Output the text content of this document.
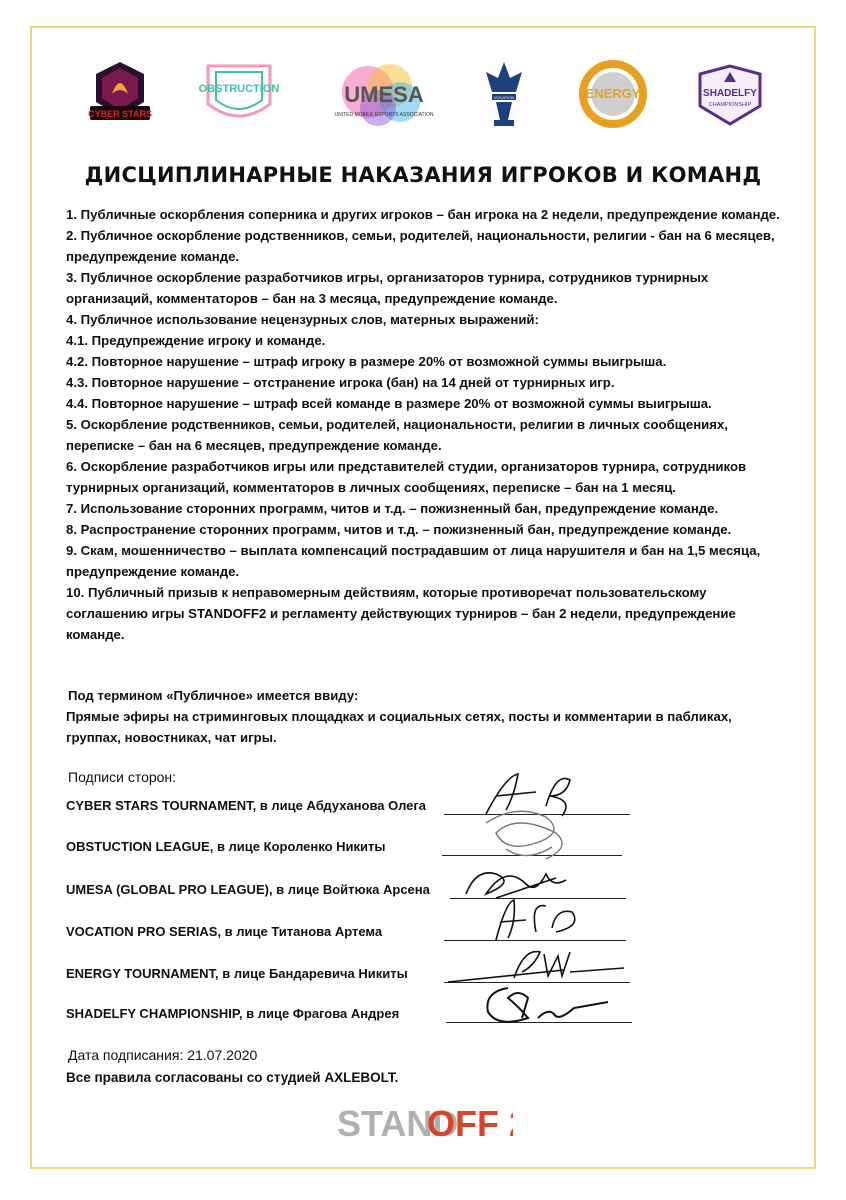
CYBER STARS
OBSTRUCTION	UMESA
UNITED MOBILE ESPORTS ASSOCIATION
VOCATION	ENERGY	SHADELFY
CHAMPIONSHIP
ДИСЦИПЛИНАРНЫЕ НАКАЗАНИЯ ИГРОКОВ И КОМАНД

1. Публичные оскорбления соперника и других игроков – бан игрока на 2 недели, предупреждение команде.

2. Публичное оскорбление родственников, семьи, родителей, национальности, религии - бан на 6 месяцев, предупреждение команде.

3. Публичное оскорбление разработчиков игры, организаторов турнира, сотрудников турнирных организаций, комментаторов – бан на 3 месяца, предупреждение команде.

4. Публичное использование нецензурных слов, матерных выражений:

4.1. Предупреждение игроку и команде.

4.2. Повторное нарушение – штраф игроку в размере 20% от возможной суммы выигрыша.

4.3. Повторное нарушение – отстранение игрока (бан) на 14 дней от турнирных игр.

4.4. Повторное нарушение – штраф всей команде в размере 20% от возможной суммы выигрыша.

5. Оскорбление родственников, семьи, родителей, национальности, религии в личных сообщениях, переписке – бан на 6 месяцев, предупреждение команде.

6. Оскорбление разработчиков игры или представителей студии, организаторов турнира, сотрудников турнирных организаций, комментаторов в личных сообщениях, переписке – бан на 1 месяц.

7. Использование сторонних программ, читов и т.д. – пожизненный бан, предупреждение команде.

8. Распространение сторонних программ, читов и т.д. – пожизненный бан, предупреждение команде.

9. Скам, мошенничество – выплата компенсаций пострадавшим от лица нарушителя и бан на 1,5 месяца, предупреждение команде.

10. Публичный призыв к неправомерным действиям, которые противоречат пользовательскому соглашению игры STANDOFF2 и регламенту действующих турниров – бан 2 недели, предупреждение команде.

Под термином «Публичное» имеется ввиду:
Прямые эфиры на стриминговых площадках и социальных сетях, посты и комментарии в пабликах, группах, новостниках, чат игры.
Подписи сторон:
CYBER STARS TOURNAMENT, в лице Абдуханова Олега
OBSTUCTION LEAGUE, в лице Короленко Никиты
UMESA (GLOBAL PRO LEAGUE), в лице Войтюка Арсена
VOCATION PRO SERIAS, в лице Титанова Артема
ENERGY TOURNAMENT, в лице Бандаревича Никиты
SHADELFY CHAMPIONSHIP, в лице Фрагова Андрея
Дата подписания: 21.07.2020
Все правила согласованы со студией AXLEBOLT.
STAND
OFF
